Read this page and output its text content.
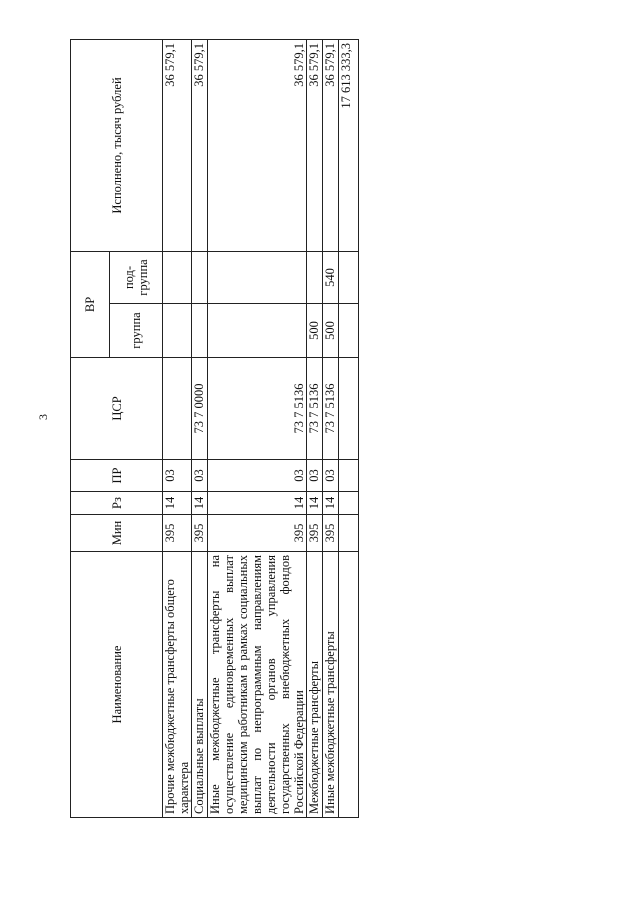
3
Наименование	Мин	Рз	ПР	ЦСР	ВР		Исполнено, тысяч рублей
					группа	под-группа	
Прочие межбюджетные трансферты общего характера	395	14	03				36 579,1
Социальные выплаты	395	14	03	73 7 0000			36 579,1
Иные межбюджетные трансферты на осуществление единовременных выплат медицинским работникам в рамках социальных выплат по непрограммным направлениям деятельности органов управления государственных внебюджетных фондов Российской Федерации	395	14	03	73 7 5136			36 579,1
Межбюджетные трансферты	395	14	03	73 7 5136	500		36 579,1
Иные межбюджетные трансферты	395	14	03	73 7 5136	500	540	36 579,1
							17 613 333,3
